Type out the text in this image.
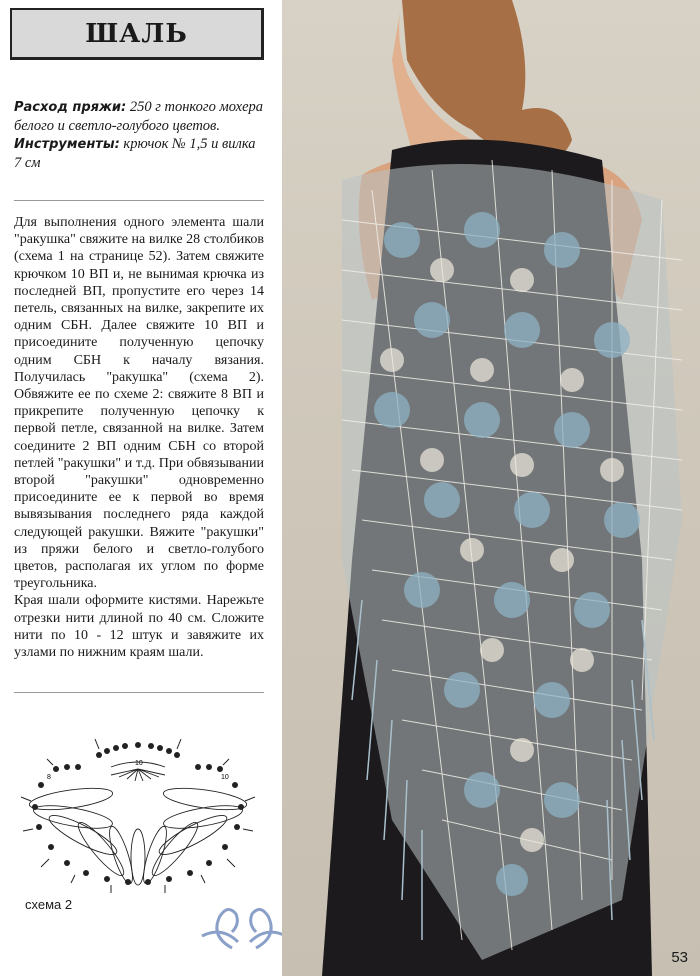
ШАЛЬ
Расход пряжи: 250 г тонкого мохера белого и светло-голубого цветов.
Инструменты: крючок № 1,5 и вилка 7 см

Для выполнения одного элемента шали "ракушка" свяжите на вилке 28 столбиков (схема 1 на странице 52). Затем свяжите крючком 10 ВП и, не вынимая крючка из последней ВП, пропустите его через 14 петель, связанных на вилке, закрепите их одним СБН. Далее свяжите 10 ВП и присоедините полученную цепочку одним СБН к началу вязания. Получилась "ракушка" (схема 2). Обвяжите ее по схеме 2: свяжите 8 ВП и прикрепите полученную цепочку к первой петле, связанной на вилке. Затем соедините 2 ВП одним СБН со второй петлей "ракушки" и т.д. При обвязывании второй "ракушки" одновременно присоедините ее к первой во время вывязывания последнего ряда каждой следующей ракушки. Вяжите "ракушки" из пряжи белого и светло-голубого цветов, располагая их углом по форме треугольника.

Края шали оформите кистями. Нарежьте отрезки нити длиной по 40 см. Сложите нити по 10 - 12 штук и завяжите их узлами по нижним краям шали.

10
8	10
схема 2
53
